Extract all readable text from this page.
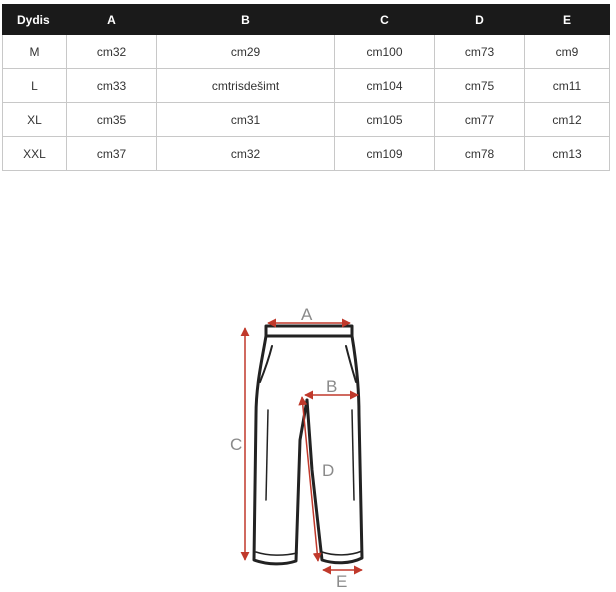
Dydis	A	B	C	D	E
M	cm32	cm29	cm100	cm73	cm9
L	cm33	cmtrisdešimt	cm104	cm75	cm11
XL	cm35	cm31	cm105	cm77	cm12
XXL	cm37	cm32	cm109	cm78	cm13
A
B
C
D
E
